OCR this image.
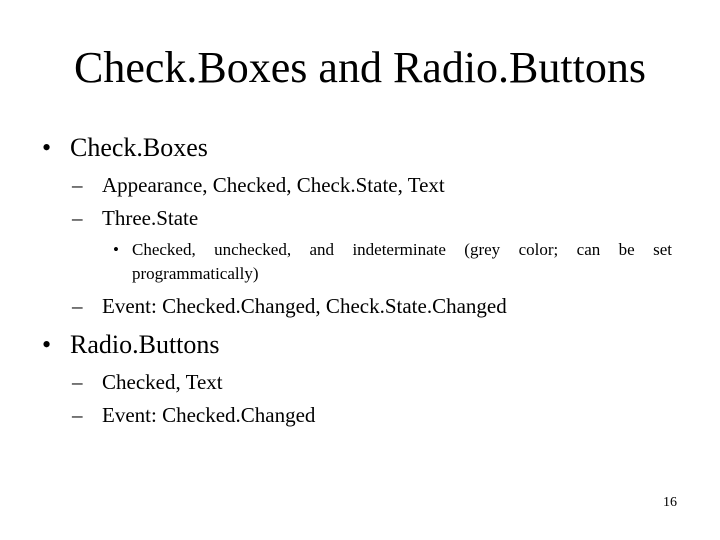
Check.Boxes and Radio.Buttons
• Check.Boxes
– Appearance, Checked, Check.State, Text
– Three.State
• Checked, unchecked, and indeterminate (grey color; can be set programmatically)
– Event: Checked.Changed, Check.State.Changed
• Radio.Buttons
– Checked, Text
– Event: Checked.Changed
16
